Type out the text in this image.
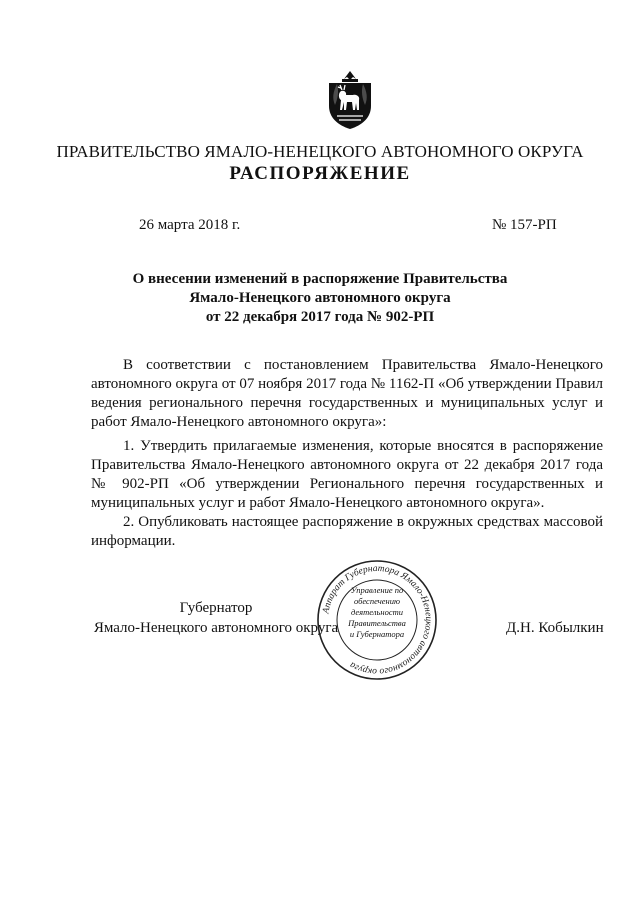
ПРАВИТЕЛЬСТВО ЯМАЛО-НЕНЕЦКОГО АВТОНОМНОГО ОКРУГА
РАСПОРЯЖЕНИЕ
26 марта 2018 г.	№ 157-РП
О внесении изменений в распоряжение Правительства
Ямало-Ненецкого автономного округа
от 22 декабря 2017 года № 902-РП
В соответствии с постановлением Правительства Ямало-Ненецкого автономного округа от 07 ноября 2017 года № 1162-П «Об утверждении Правил ведения регионального перечня государственных и муниципальных услуг и работ Ямало-Ненецкого автономного округа»:
1. Утвердить прилагаемые изменения, которые вносятся в распоряжение Правительства Ямало-Ненецкого автономного округа от 22 декабря 2017 года № 902-РП «Об утверждении Регионального перечня государственных и муниципальных услуг и работ Ямало-Ненецкого автономного округа».
2. Опубликовать настоящее распоряжение в окружных средствах массовой информации.
Губернатор
Ямало-Ненецкого автономного округа	Д.Н. Кобылкин
Аппарат Губернатора Ямало-Ненецкого автономного округа
Управление по
обеспечению
деятельности
Правительства
и Губернатора
